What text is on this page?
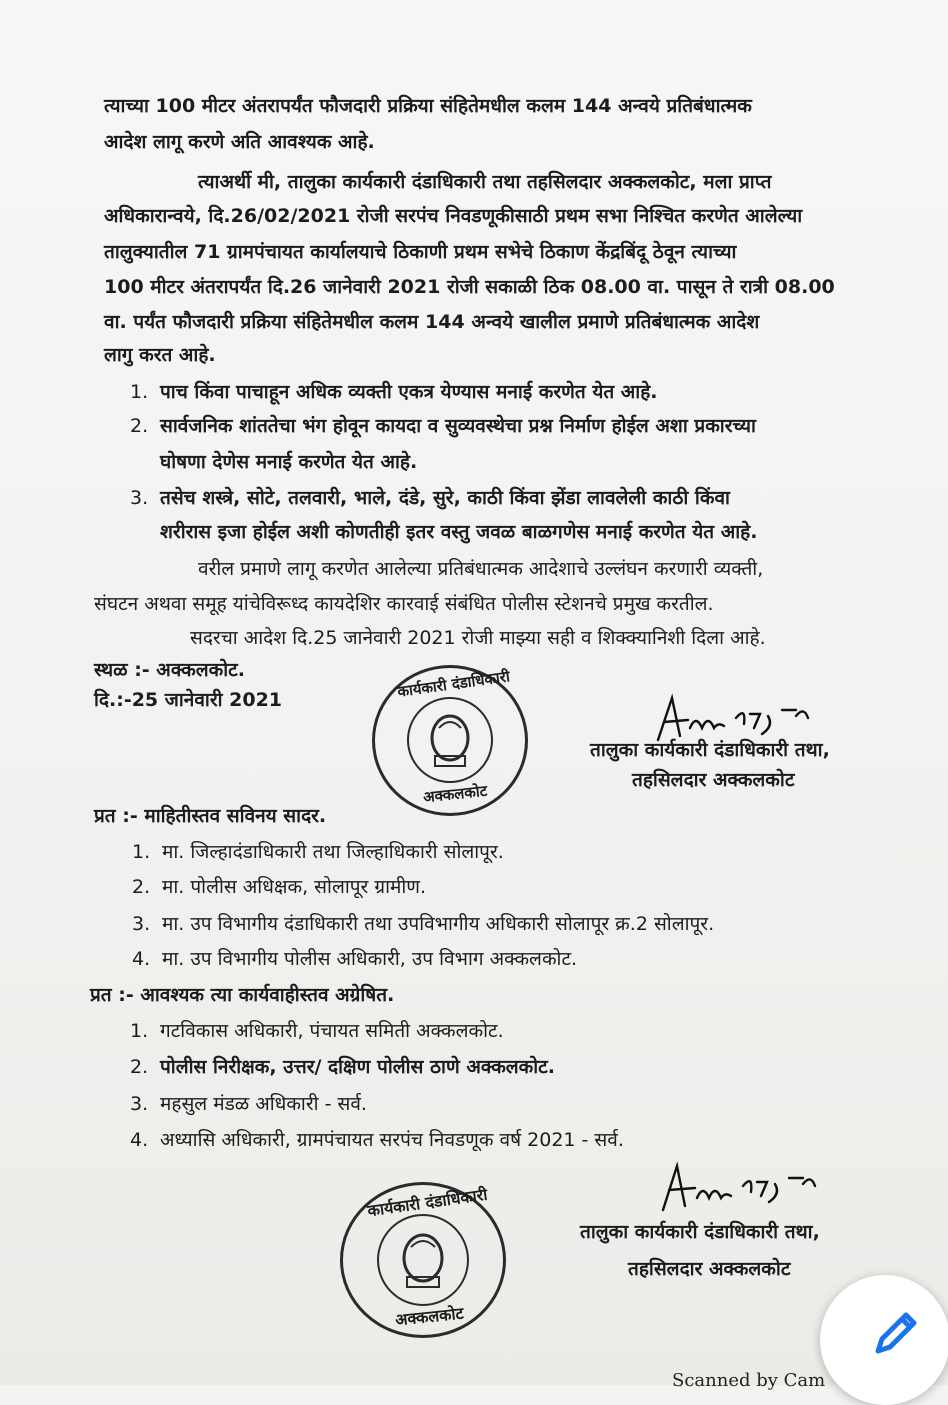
त्याच्या 100 मीटर अंतरापर्यंत फौजदारी प्रक्रिया संहितेमधील कलम 144 अन्वये प्रतिबंधात्मक
आदेश लागू करणे अति आवश्यक आहे.
त्याअर्थी मी, तालुका कार्यकारी दंडाधिकारी तथा तहसिलदार अक्कलकोट, मला प्राप्त
अधिकारान्वये, दि.26/02/2021 रोजी सरपंच निवडणूकीसाठी प्रथम सभा निश्चित करणेत आलेल्या
तालुक्यातील 71 ग्रामपंचायत कार्यालयाचे ठिकाणी प्रथम सभेचे ठिकाण केंद्रबिंदू ठेवून त्याच्या
100 मीटर अंतरापर्यंत दि.26 जानेवारी 2021 रोजी सकाळी ठिक 08.00 वा. पासून ते रात्री 08.00
वा. पर्यंत फौजदारी प्रक्रिया संहितेमधील कलम 144 अन्वये खालील प्रमाणे प्रतिबंधात्मक आदेश
लागु करत आहे.
1. पाच किंवा पाचाहून अधिक व्यक्ती एकत्र येण्यास मनाई करणेत येत आहे.
2. सार्वजनिक शांततेचा भंग होवून कायदा व सुव्यवस्थेचा प्रश्न निर्माण होईल अशा प्रकारच्या
घोषणा देणेस मनाई करणेत येत आहे.
3. तसेच शस्त्रे, सोटे, तलवारी, भाले, दंडे, सुरे, काठी किंवा झेंडा लावलेली काठी किंवा
शरीरास इजा होईल अशी कोणतीही इतर वस्तु जवळ बाळगणेस मनाई करणेत येत आहे.
वरील प्रमाणे लागू करणेत आलेल्या प्रतिबंधात्मक आदेशाचे उल्लंघन करणारी व्यक्ती,
संघटन अथवा समूह यांचेविरूध्द कायदेशिर कारवाई संबंधित पोलीस स्टेशनचे प्रमुख करतील.
सदरचा आदेश दि.25 जानेवारी 2021 रोजी माझ्या सही व शिक्क्यानिशी दिला आहे.
स्थळ :- अक्कलकोट.
दि.:-25 जानेवारी 2021	कार्यकारी दंडाधिकारी
अक्कलकोट
तालुका कार्यकारी दंडाधिकारी तथा,
तहसिलदार अक्कलकोट
प्रत :- माहितीस्तव सविनय सादर.
1. मा. जिल्हादंडाधिकारी तथा जिल्हाधिकारी सोलापूर.
2. मा. पोलीस अधिक्षक, सोलापूर ग्रामीण.
3. मा. उप विभागीय दंडाधिकारी तथा उपविभागीय अधिकारी सोलापूर क्र.2 सोलापूर.
4. मा. उप विभागीय पोलीस अधिकारी, उप विभाग अक्कलकोट.
प्रत :- आवश्यक त्या कार्यवाहीस्तव अग्रेषित.
1. गटविकास अधिकारी, पंचायत समिती अक्कलकोट.
2. पोलीस निरीक्षक, उत्तर/ दक्षिण पोलीस ठाणे अक्कलकोट.
3. महसुल मंडळ अधिकारी - सर्व.
4. अध्यासि अधिकारी, ग्रामपंचायत सरपंच निवडणूक वर्ष 2021 - सर्व.
कार्यकारी दंडाधिकारी
अक्कलकोट
तालुका कार्यकारी दंडाधिकारी तथा,
तहसिलदार अक्कलकोट
Scanned by Cam
